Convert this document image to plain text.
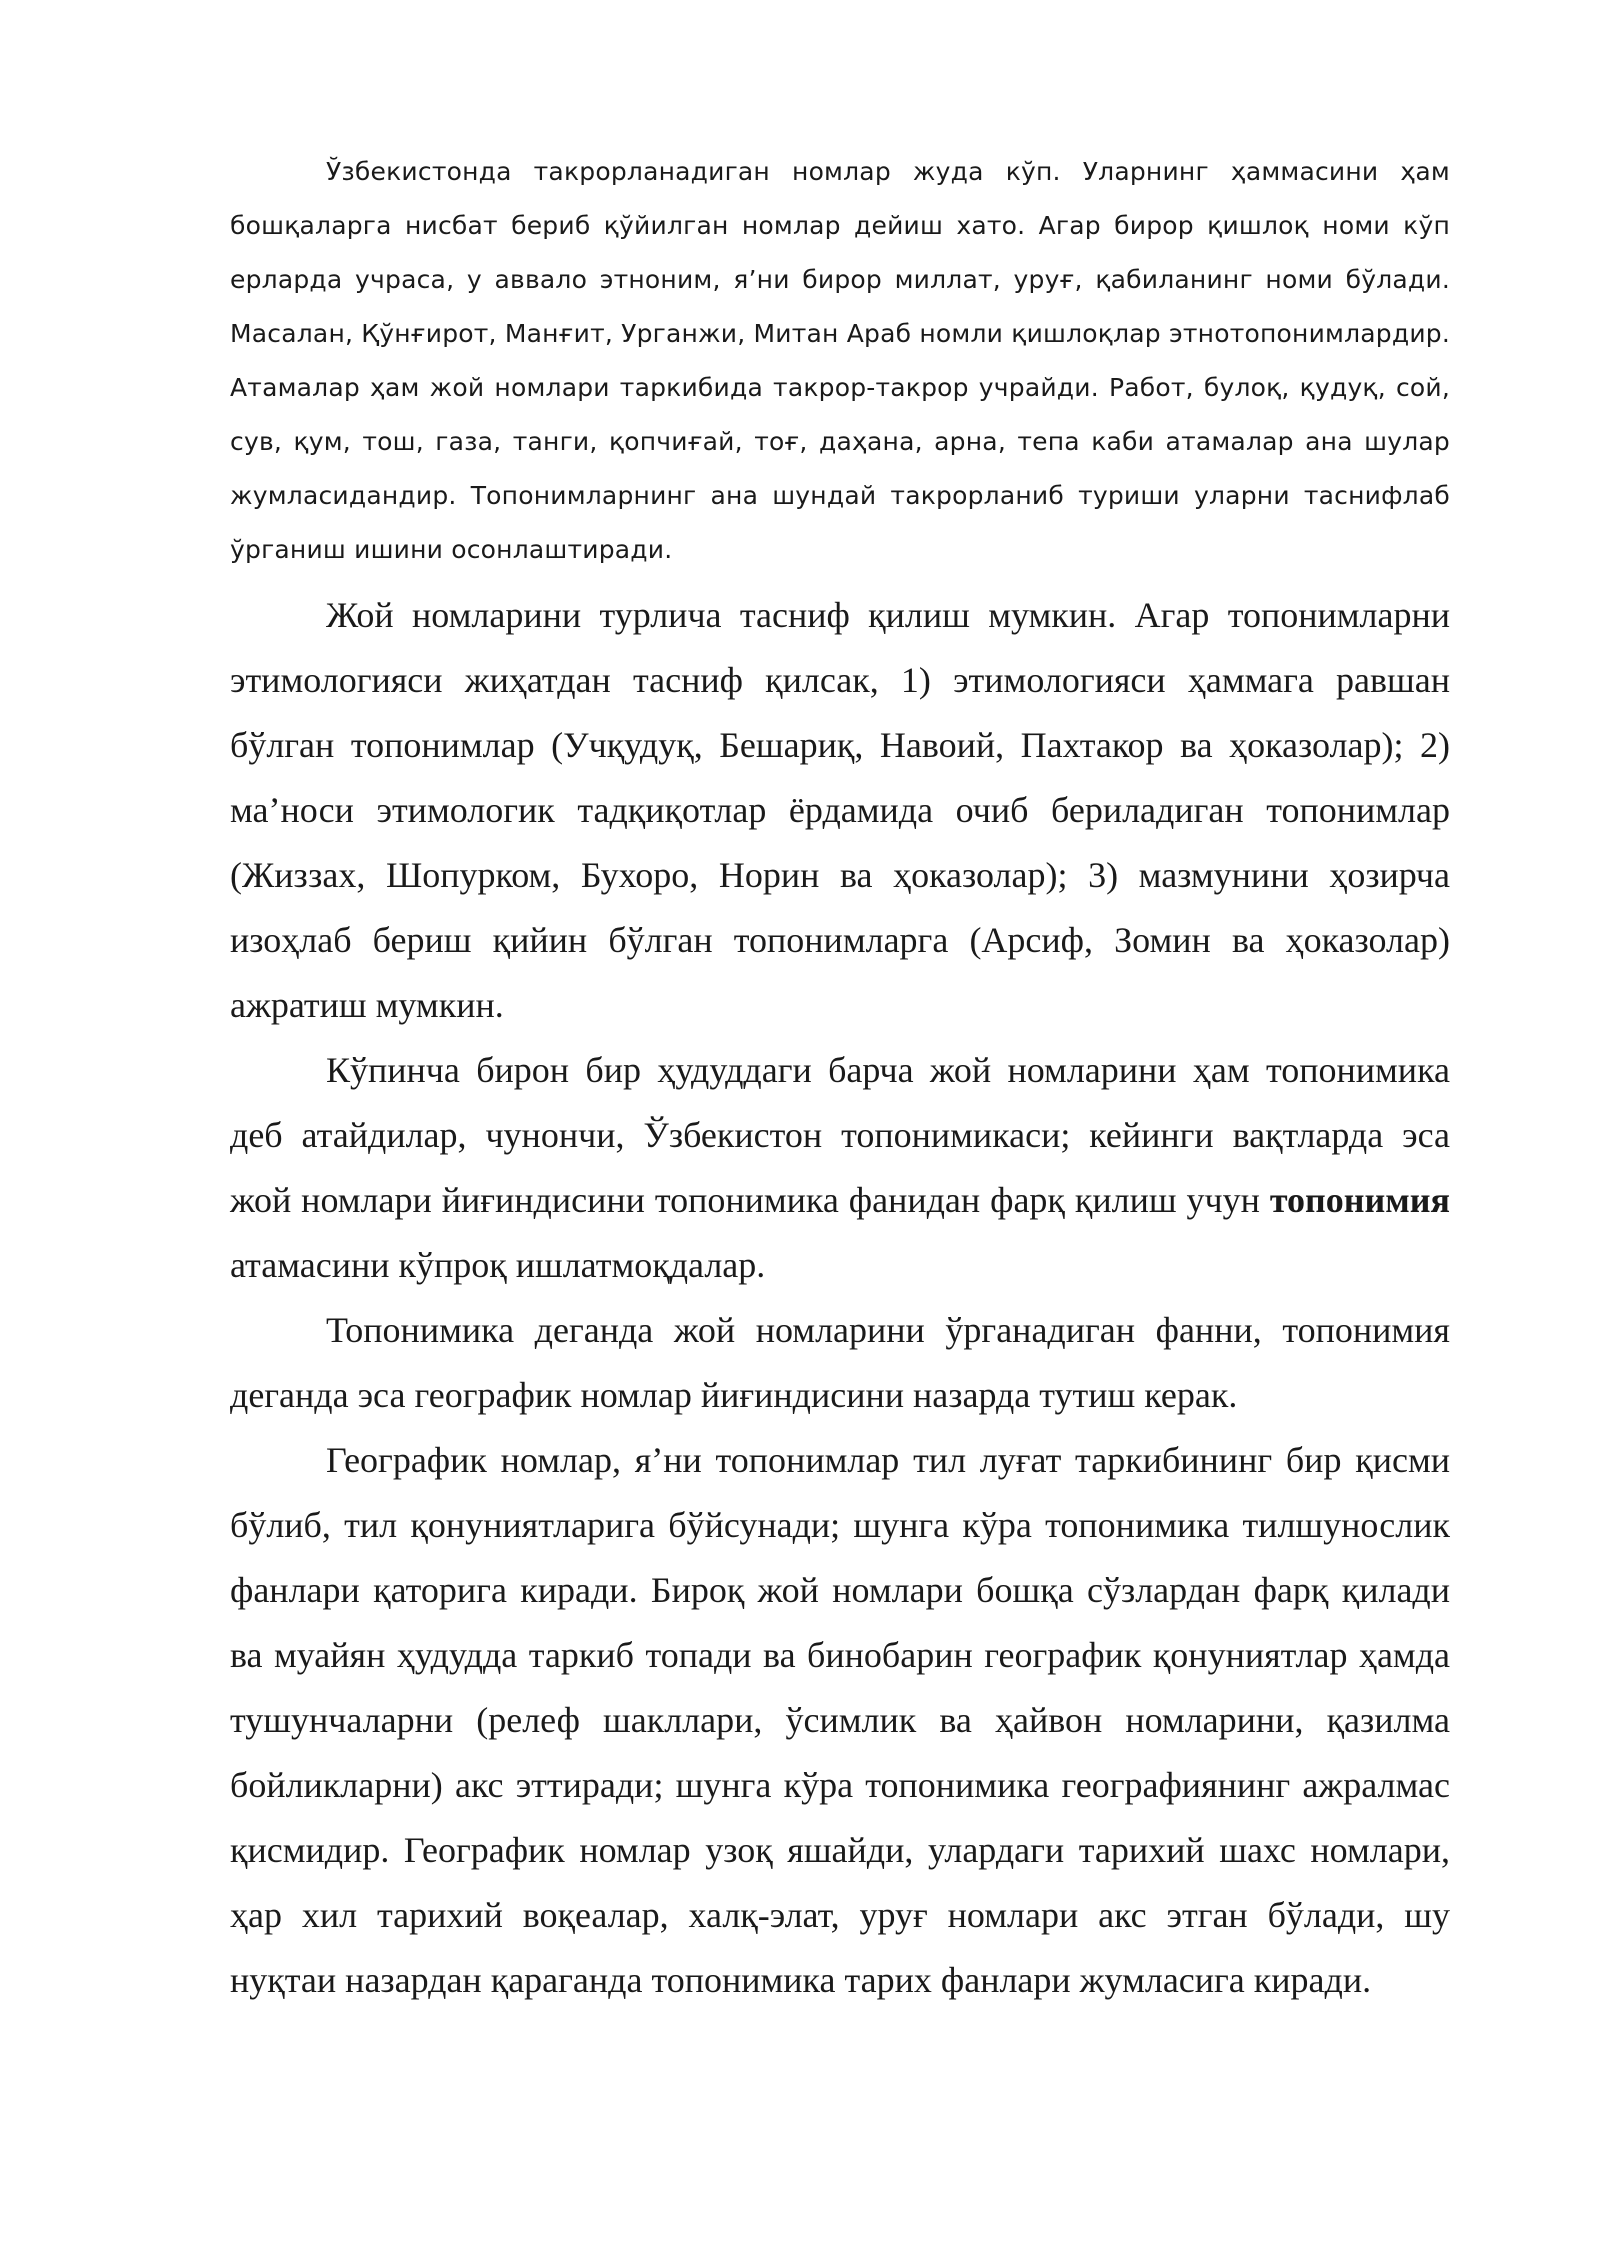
Ўзбекистонда такрорланадиган номлар жуда кўп. Уларнинг ҳаммасини ҳам бошқаларга нисбат бериб қўйилган номлар дейиш хато. Агар бирор қишлоқ номи кўп ерларда учраса, у аввало этноним, я’ни бирор миллат, уруғ, қабиланинг номи бўлади. Масалан, Қўнғирот, Манғит, Урганжи, Митан Араб номли қишлоқлар этнотопонимлардир. Атамалар ҳам жой номлари таркибида такрор-такрор учрайди. Работ, булоқ, қудуқ, сой, сув, қум, тош, газа, танги, қопчиғай, тоғ, даҳана, арна, тепа каби атамалар ана шулар жумласидандир. Топонимларнинг ана шундай такрорланиб туриши уларни таснифлаб ўрганиш ишини осонлаштиради.

Жой номларини турлича тасниф қилиш мумкин. Агар топонимларни этимологияси жиҳатдан тасниф қилсак, 1) этимологияси ҳаммага равшан бўлган топонимлар (Учқудуқ, Бешариқ, Навоий, Пахтакор ва ҳоказолар); 2) ма’носи этимологик тадқиқотлар ёрдамида очиб бериладиган топонимлар (Жиззах, Шопурком, Бухоро, Норин ва ҳоказолар); 3) мазмунини ҳозирча изоҳлаб бериш қийин бўлган топонимларга (Арсиф, Зомин ва ҳоказолар) ажратиш мумкин.

Кўпинча бирон бир ҳудуддаги барча жой номларини ҳам топонимика деб атайдилар, чунончи, Ўзбекистон топонимикаси; кейинги вақтларда эса жой номлари йиғиндисини топонимика фанидан фарқ қилиш учун топонимия атамасини кўпроқ ишлатмоқдалар.

Топонимика деганда жой номларини ўрганадиган фанни, топонимия деганда эса географик номлар йиғиндисини назарда тутиш керак.

Географик номлар, я’ни топонимлар тил луғат таркибининг бир қисми бўлиб, тил қонуниятларига бўйсунади; шунга кўра топонимика тилшунослик фанлари қаторига киради. Бироқ жой номлари бошқа сўзлардан фарқ қилади ва муайян ҳудудда таркиб топади ва бинобарин географик қонуниятлар ҳамда тушунчаларни (релеф шакллари, ўсимлик ва ҳайвон номларини, қазилма бойликларни) акс эттиради; шунга кўра топонимика географиянинг ажралмас қисмидир. Географик номлар узоқ яшайди, улардаги тарихий шахс номлари, ҳар хил тарихий воқеалар, халқ-элат, уруғ номлари акс этган бўлади, шу нуқтаи назардан қараганда топонимика тарих фанлари жумласига киради.
